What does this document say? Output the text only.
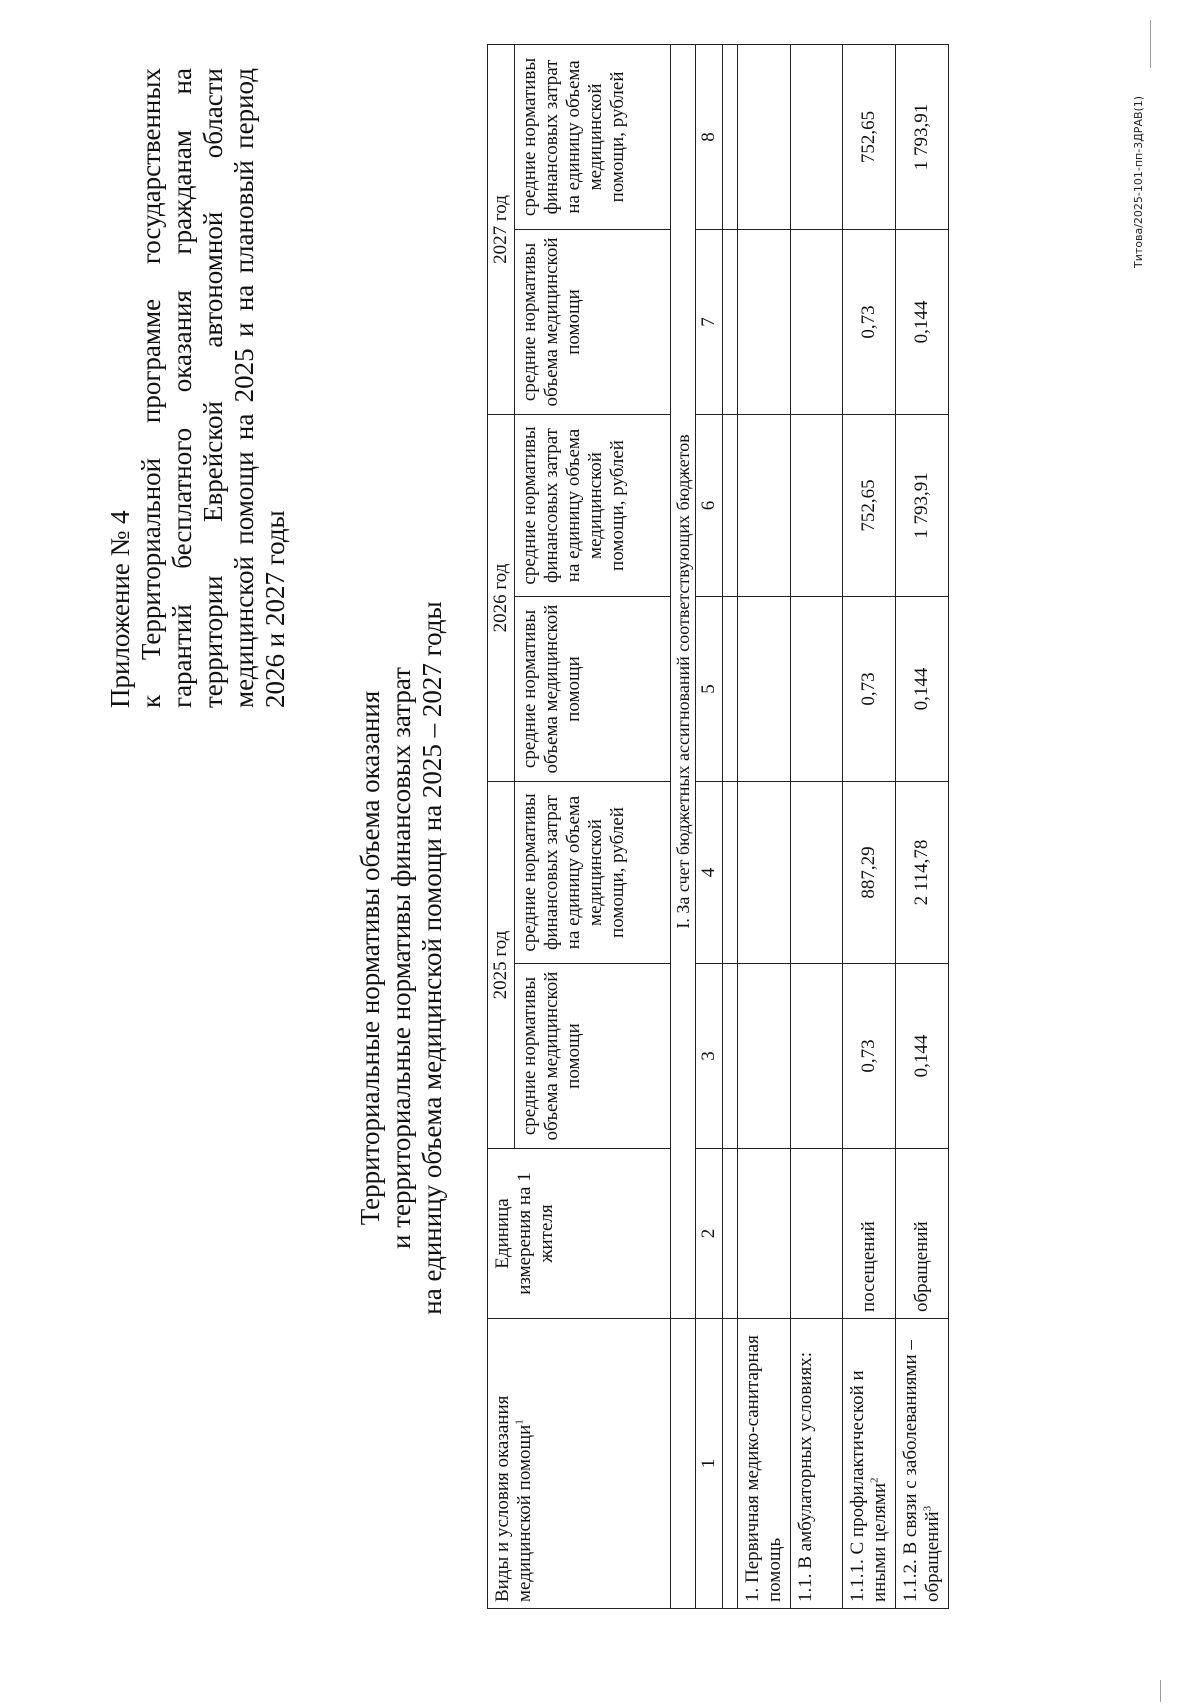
Приложение № 4 к Территориальной программе государственных гарантий бесплатного оказания гражданам на территории Еврейской автономной области медицинской помощи на 2025 и на плановый период 2026 и 2027 годы
Территориальные нормативы объема оказания и территориальные нормативы финансовых затрат на единицу объема медицинской помощи на 2025 – 2027 годы
Виды и условия оказания медицинской помощи$^1$	Единица измерения на 1 жителя	2025 год		2026 год		2027 год	
		средние нормативы объема медицинской помощи	средние нормативы финансовых затрат на единицу объема медицинской помощи, рублей	средние нормативы объема медицинской помощи	средние нормативы финансовых затрат на единицу объема медицинской помощи, рублей	средние нормативы объема медицинской помощи	средние нормативы финансовых затрат на единицу объема медицинской помощи, рублей
	I. За счет бюджетных ассигнований соответствующих бюджетов						
1	2	3	4	5	6	7	8

1. Первичная медико-санитарная помощь							
1.1. В амбулаторных условиях:							
1.1.1. С профилактической и иными целями$^2$	посещений	0,73	887,29	0,73	752,65	0,73	752,65
1.1.2. В связи с заболеваниями – обращений$^3$	обращений	0,144	2 114,78	0,144	1 793,91	0,144	1 793,91	Титова/2025-101-пп-3ДРАВ(1)
